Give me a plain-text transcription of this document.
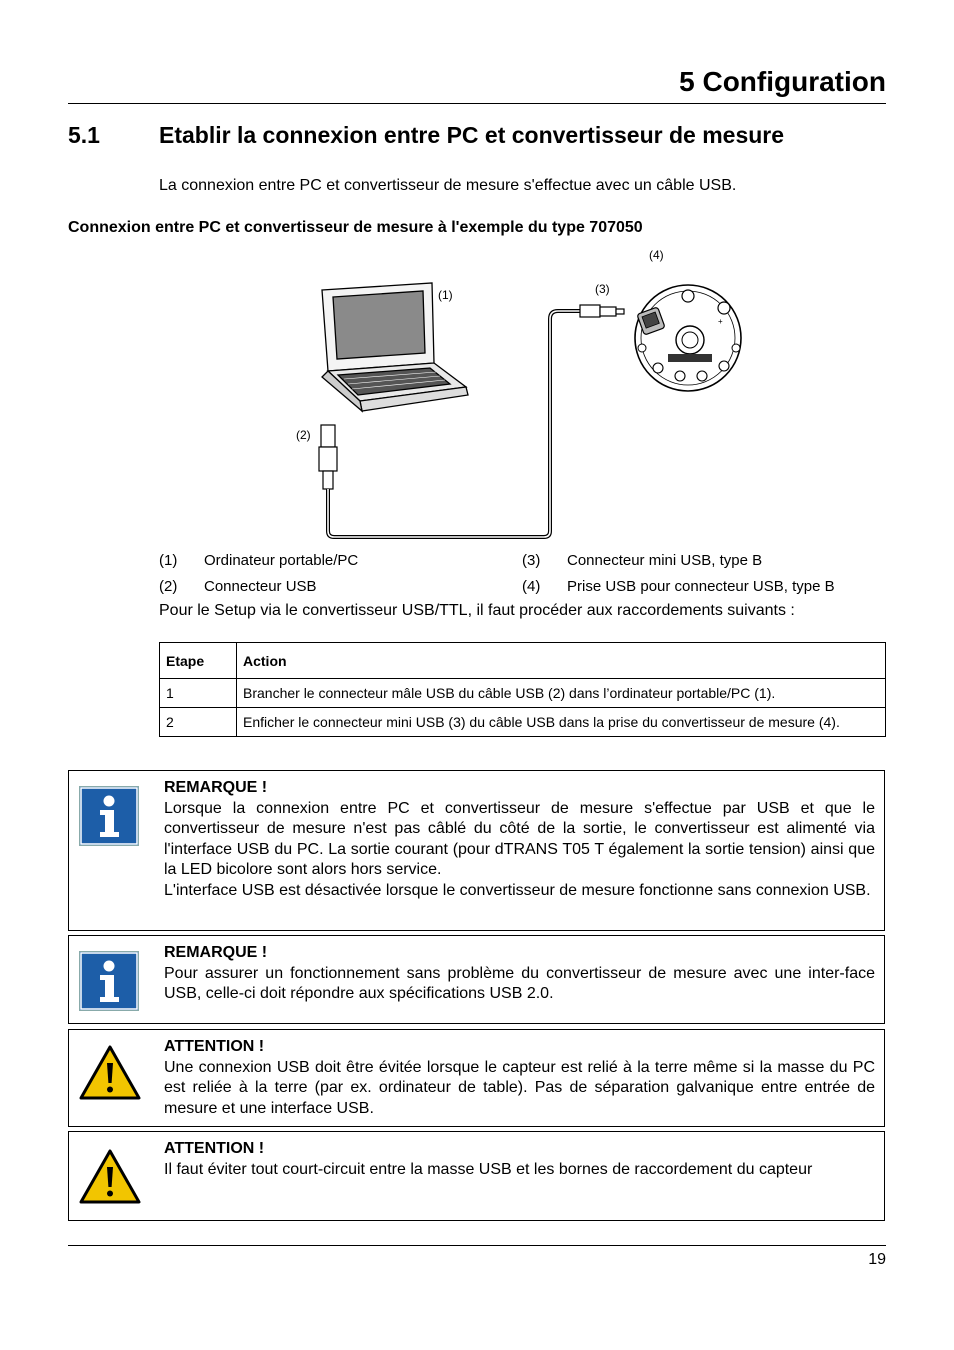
5 Configuration
5.1	Etablir la connexion entre PC et convertisseur de mesure
La connexion entre PC et convertisseur de mesure s'effectue avec un câble USB.
Connexion entre PC et convertisseur de mesure à l'exemple du type 707050
(1)
(2)
(3)
(4)
+
(1) Ordinateur portable/PC	(3) Connecteur mini USB, type B
(2) Connecteur USB	(4) Prise USB pour connecteur USB, type B
Pour le Setup via le convertisseur USB/TTL, il faut procéder aux raccordements suivants :
Etape	Action
1	Brancher le connecteur mâle USB du câble USB (2) dans l’ordinateur portable/PC (1).
2	Enficher le connecteur mini USB (3) du câble USB dans la prise du convertisseur de mesure (4).
REMARQUE !
Lorsque la connexion entre PC et convertisseur de mesure s'effectue par USB et que le convertisseur de mesure n'est pas câblé du côté de la sortie, le convertisseur est alimenté via l'interface USB du PC. La sortie courant (pour dTRANS T05 T également la sortie tension) ainsi que la LED bicolore sont alors hors service.
L'interface USB est désactivée lorsque le convertisseur de mesure fonctionne sans connexion USB.
REMARQUE !
Pour assurer un fonctionnement sans problème du convertisseur de mesure avec une inter-face USB, celle-ci doit répondre aux spécifications USB 2.0.
ATTENTION !
Une connexion USB doit être évitée lorsque le capteur est relié à la terre même si la masse du PC est reliée à la terre (par ex. ordinateur de table). Pas de séparation galvanique entre entrée de mesure et une interface USB.
ATTENTION !
Il faut éviter tout court-circuit entre la masse USB et les bornes de raccordement du capteur
19
